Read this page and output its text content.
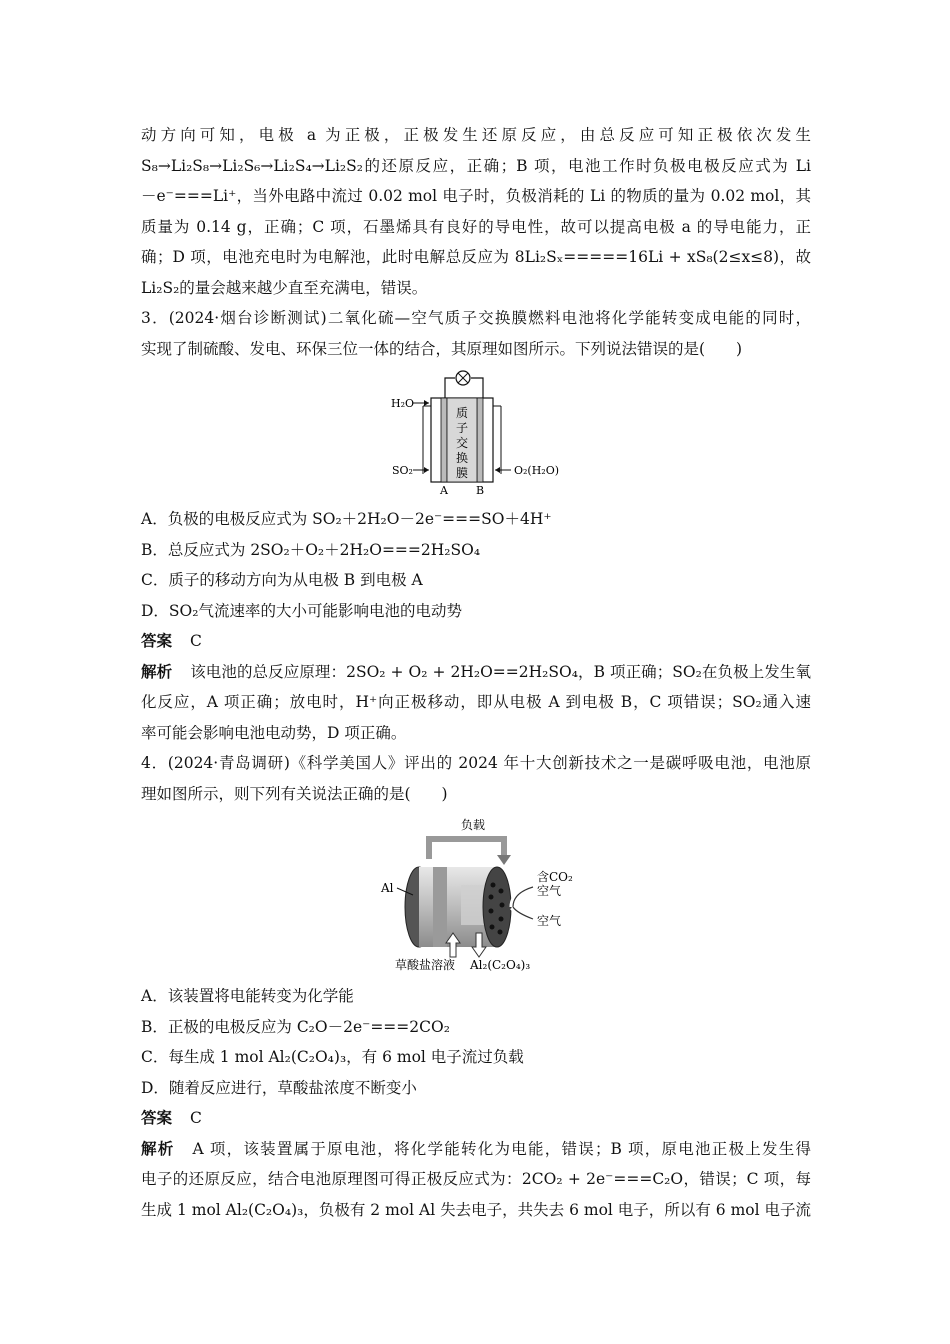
动方向可知，电极 a 为正极，正极发生还原反应，由总反应可知正极依次发生

S₈→Li₂S₈→Li₂S₆→Li₂S₄→Li₂S₂的还原反应，正确；B 项，电池工作时负极电极反应式为 Li

－e⁻===Li⁺，当外电路中流过 0.02 mol 电子时，负极消耗的 Li 的物质的量为 0.02 mol，其

质量为 0.14 g，正确；C 项，石墨烯具有良好的导电性，故可以提高电极 a 的导电能力，正

确；D 项，电池充电时为电解池，此时电解总反应为 8Li₂Sₓ=====16Li + xS₈(2≤x≤8)，故

Li₂S₂的量会越来越少直至充满电，错误。

3．(2024·烟台诊断测试)二氧化硫—空气质子交换膜燃料电池将化学能转变成电能的同时，

实现了制硫酸、发电、环保三位一体的结合，其原理如图所示。下列说法错误的是(　　)

质
子
交
换
膜
H₂O
SO₂	O₂(H₂O)
A	B

A．负极的电极反应式为 SO₂＋2H₂O－2e⁻===SO＋4H⁺

B．总反应式为 2SO₂＋O₂＋2H₂O===2H₂SO₄

C．质子的移动方向为从电极 B 到电极 A

D．SO₂气流速率的大小可能影响电池的电动势

答案 C

解析 该电池的总反应原理：2SO₂ + O₂ + 2H₂O==2H₂SO₄，B 项正确；SO₂在负极上发生氧

化反应，A 项正确；放电时，H⁺向正极移动，即从电极 A 到电极 B，C 项错误；SO₂通入速

率可能会影响电池电动势，D 项正确。

4．(2024·青岛调研)《科学美国人》评出的 2024 年十大创新技术之一是碳呼吸电池，电池原

理如图所示，则下列有关说法正确的是(　　)

负载
Al
含CO₂
空气
空气
草酸盐溶液 Al₂(C₂O₄)₃

A．该装置将电能转变为化学能

B．正极的电极反应为 C₂O－2e⁻===2CO₂

C．每生成 1 mol Al₂(C₂O₄)₃，有 6 mol 电子流过负载

D．随着反应进行，草酸盐浓度不断变小

答案 C

解析 A 项，该装置属于原电池，将化学能转化为电能，错误；B 项，原电池正极上发生得

电子的还原反应，结合电池原理图可得正极反应式为：2CO₂ + 2e⁻===C₂O，错误；C 项，每

生成 1 mol Al₂(C₂O₄)₃，负极有 2 mol Al 失去电子，共失去 6 mol 电子，所以有 6 mol 电子流
